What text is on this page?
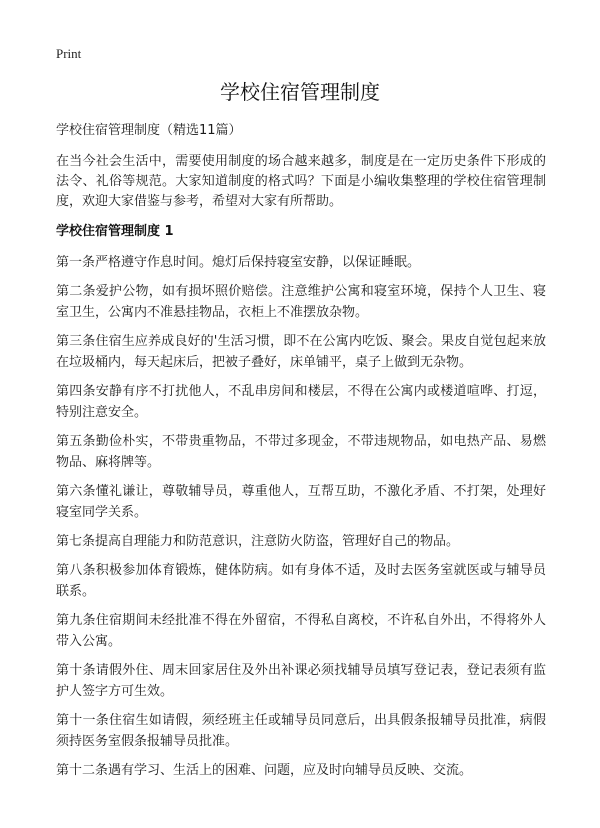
Print
学校住宿管理制度

学校住宿管理制度（精选11篇）

在当今社会生活中，需要使用制度的场合越来越多，制度是在一定历史条件下形成的法令、礼俗等规范。大家知道制度的格式吗？下面是小编收集整理的学校住宿管理制度，欢迎大家借鉴与参考，希望对大家有所帮助。

学校住宿管理制度 1

第一条严格遵守作息时间。熄灯后保持寝室安静，以保证睡眠。

第二条爱护公物，如有损坏照价赔偿。注意维护公寓和寝室环境，保持个人卫生、寝室卫生，公寓内不准悬挂物品，衣柜上不准摆放杂物。

第三条住宿生应养成良好的'生活习惯，即不在公寓内吃饭、聚会。果皮自觉包起来放在垃圾桶内，每天起床后，把被子叠好，床单铺平，桌子上做到无杂物。

第四条安静有序不打扰他人，不乱串房间和楼层，不得在公寓内或楼道喧哗、打逗，特别注意安全。

第五条勤俭朴实，不带贵重物品，不带过多现金，不带违规物品，如电热产品、易燃物品、麻将牌等。

第六条懂礼谦让，尊敬辅导员，尊重他人，互帮互助，不激化矛盾、不打架，处理好寝室同学关系。

第七条提高自理能力和防范意识，注意防火防盗，管理好自己的物品。

第八条积极参加体育锻炼，健体防病。如有身体不适，及时去医务室就医或与辅导员联系。

第九条住宿期间未经批准不得在外留宿，不得私自离校，不许私自外出，不得将外人带入公寓。

第十条请假外住、周末回家居住及外出补课必须找辅导员填写登记表，登记表须有监护人签字方可生效。

第十一条住宿生如请假，须经班主任或辅导员同意后，出具假条报辅导员批准，病假须持医务室假条报辅导员批准。

第十二条遇有学习、生活上的困难、问题，应及时向辅导员反映、交流。
